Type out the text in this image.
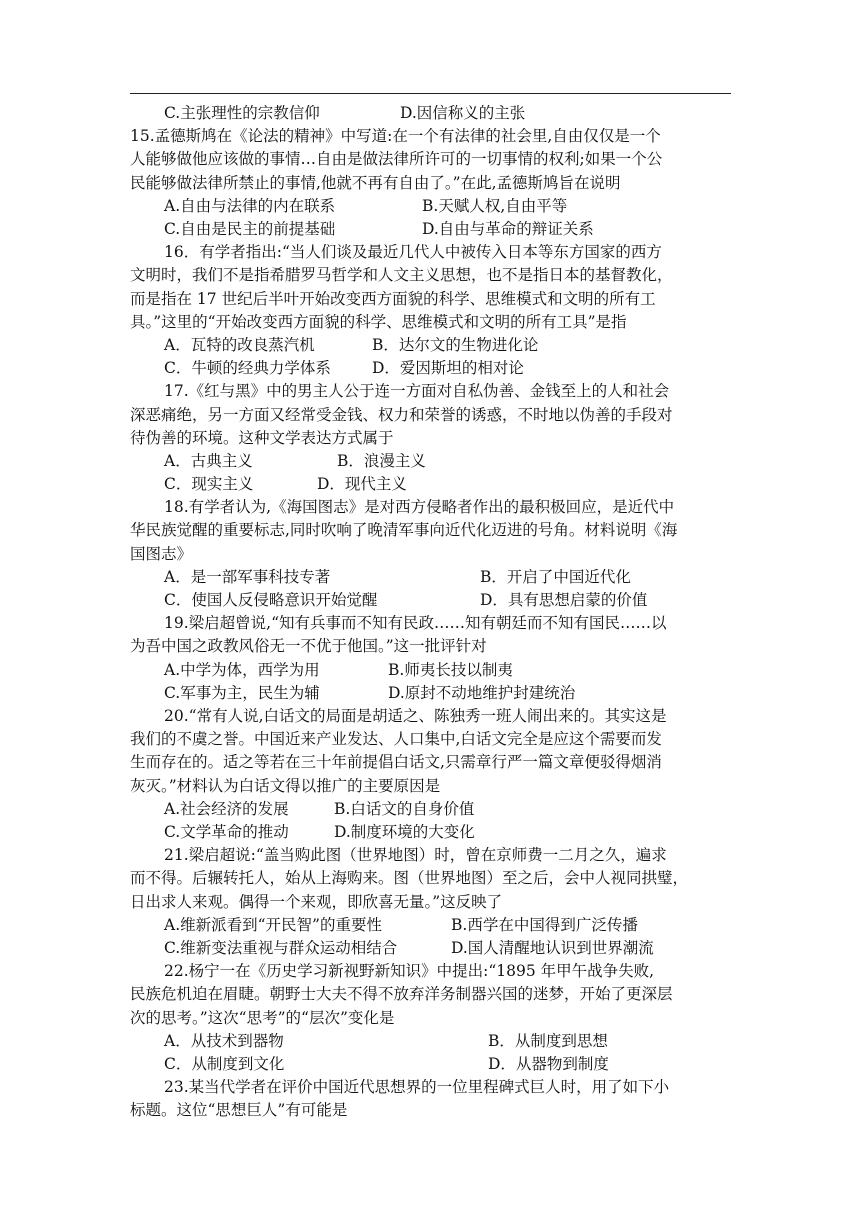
C.主张理性的宗教信仰	D.因信称义的主张
15.孟德斯鸠在《论法的精神》中写道:在一个有法律的社会里,自由仅仅是一个
人能够做他应该做的事情…自由是做法律所许可的一切事情的权利;如果一个公
民能够做法律所禁止的事情,他就不再有自由了。”在此,孟德斯鸠旨在说明
A.自由与法律的内在联系	B.天赋人权,自由平等
C.自由是民主的前提基础	D.自由与革命的辩证关系
16．有学者指出:“当人们谈及最近几代人中被传入日本等东方国家的西方
文明时，我们不是指希腊罗马哲学和人文主义思想，也不是指日本的基督教化，
而是指在 17 世纪后半叶开始改变西方面貌的科学、思维模式和文明的所有工
具。”这里的“开始改变西方面貌的科学、思维模式和文明的所有工具”是指
A．瓦特的改良蒸汽机	B．达尔文的生物进化论
C．牛顿的经典力学体系	D．爱因斯坦的相对论
17.《红与黑》中的男主人公于连一方面对自私伪善、金钱至上的人和社会
深恶痛绝，另一方面又经常受金钱、权力和荣誉的诱惑，不时地以伪善的手段对
待伪善的环境。这种文学表达方式属于
A．古典主义	B．浪漫主义
C．现实主义	D．现代主义
18.有学者认为,《海国图志》是对西方侵略者作出的最积极回应，是近代中
华民族觉醒的重要标志,同时吹响了晚清军事向近代化迈进的号角。材料说明《海
国图志》
A．是一部军事科技专著	B．开启了中国近代化
C．使国人反侵略意识开始觉醒	D．具有思想启蒙的价值
19.梁启超曾说,“知有兵事而不知有民政……知有朝廷而不知有国民……以
为吾中国之政教风俗无一不优于他国。”这一批评针对
A.中学为体，西学为用	B.师夷长技以制夷
C.军事为主，民生为辅	D.原封不动地维护封建统治
20.“常有人说,白话文的局面是胡适之、陈独秀一班人闹出来的。其实这是
我们的不虞之誉。中国近来产业发达、人口集中,白话文完全是应这个需要而发
生而存在的。适之等若在三十年前提倡白话文,只需章行严一篇文章便驳得烟消
灰灭。”材料认为白话文得以推广的主要原因是
A.社会经济的发展	B.白话文的自身价值
C.文学革命的推动	D.制度环境的大变化
21.梁启超说:“盖当购此图（世界地图）时，曾在京师费一二月之久，遍求
而不得。后辗转托人，始从上海购来。图（世界地图）至之后，会中人视同拱璧，
日出求人来观。偶得一个来观，即欣喜无量。”这反映了
A.维新派看到“开民智”的重要性	B.西学在中国得到广泛传播
C.维新变法重视与群众运动相结合	D.国人清醒地认识到世界潮流
22.杨宁一在《历史学习新视野新知识》中提出:“1895 年甲午战争失败,
民族危机迫在眉睫。朝野士大夫不得不放弃洋务制器兴国的迷梦，开始了更深层
次的思考。”这次“思考”的“层次”变化是
A．从技术到器物	B．从制度到思想
C．从制度到文化	D．从器物到制度
23.某当代学者在评价中国近代思想界的一位里程碑式巨人时，用了如下小
标题。这位“思想巨人”有可能是
